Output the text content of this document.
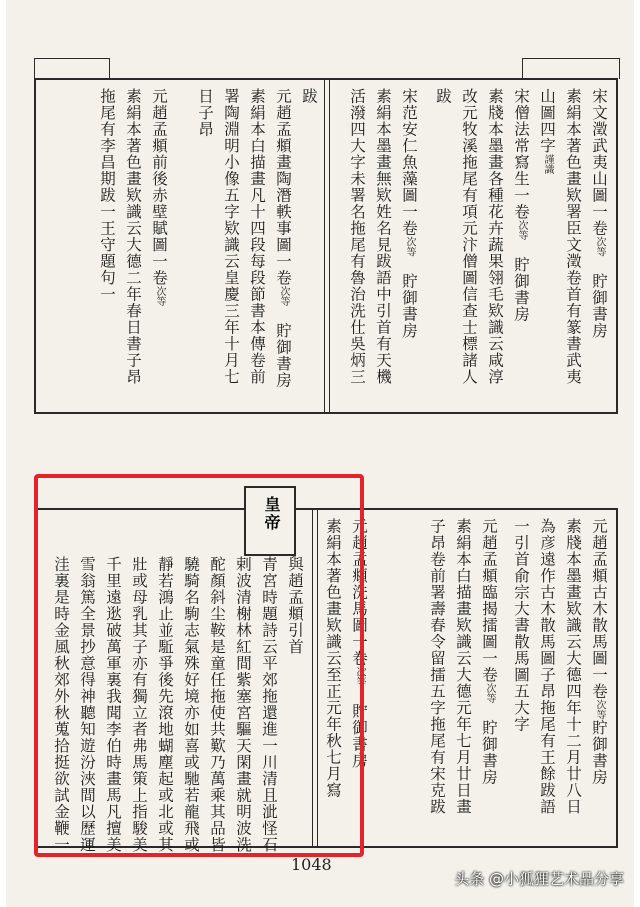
宋文澂武夷山圖一卷次等　貯御書房
素絹本著色畫欵署臣文澂卷首有篆書武夷
山圖四字謹識
宋僧法常寫生一卷次等　貯御書房
素牋本墨畫各種花卉蔬果翎毛欵識云咸淳
改元牧溪拖尾有項元汴僧圖信查士標諸人
跋
宋范安仁魚藻圖一卷次等　貯御書房
素絹本墨畫無欵姓名見跋語中引首有天機
活潑四大字未署名拖尾有魯治洗仕吳炳三
跋
元趙孟頫畫陶潛軼事圖一卷次等　貯御書房
素絹本白描畫凡十四段每段節書本傳卷前
署陶淵明小像五字欵識云皇慶三年十月七
日子昂
元趙孟頫前後赤壁賦圖一卷次等
素絹本著色畫欵識云大德二年春日書子昂
拖尾有李昌期跋一王守題句一
元趙孟頫古木散馬圖一卷次等貯御書房
素牋本墨畫欵識云大德四年十二月廿八日
為彦遠作古木散馬圖子昂拖尾有王餘跋語
一引首俞宗大書散馬圖五大字
元趙孟頫臨揭擂圖一卷次等　貯御書房
素絹本白描畫欵識云大德元年七月廿日畫
子昂卷前署壽春令留擂五字拖尾有宋克跋
元趙孟頫洗馬圖一卷次等　貯御書房
素絹本著色畫欵識云至正元年秋七月寫
與趙孟頫引首
青宮時題詩云平郊拖還進一川清且泚怪石
剌波清榭林紅間紫塞宮驅天閑畫就明波洗
酡顏斜尘鞍是童任拖使共歎乃萬乘其品皆
驍騎名駒志氣殊好境亦如喜或馳若龍飛或
靜若鴻止並駈爭後先滾地蝴塵起或北或其
壯或母乳其子亦有獨立者弗馬策上指駿美
千里遠逖破萬軍裏我聞李伯時畫馬凡擅美
雪翁篤全景抄意得神聽知遊汾浹間以歷運
洼裏是時金風秋郊外秋蒐拾挺欲試金鞭一
皇帝
1048
头条 @小狐狸艺术品分享
